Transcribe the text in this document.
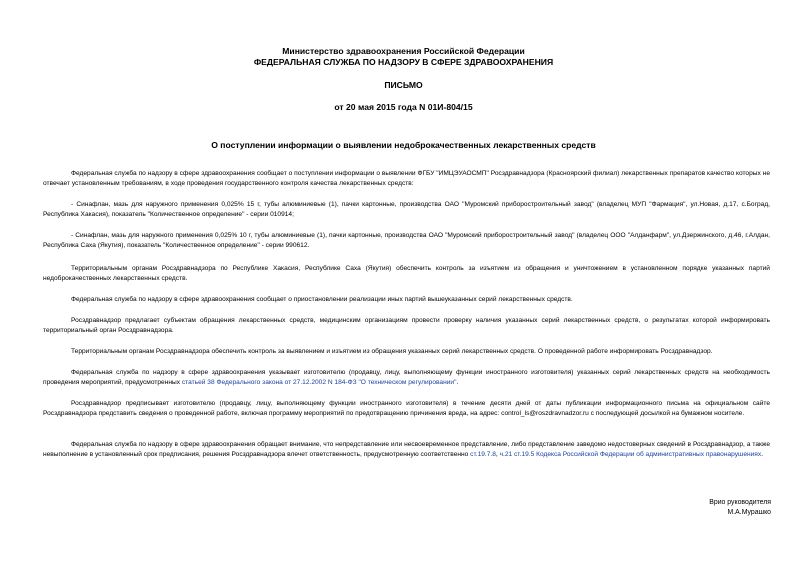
Министерство здравоохранения Российской Федерации
ФЕДЕРАЛЬНАЯ СЛУЖБА ПО НАДЗОРУ В СФЕРЕ ЗДРАВООХРАНЕНИЯ
ПИСЬМО
от 20 мая 2015 года N 01И-804/15
О поступлении информации о выявлении недоброкачественных лекарственных средств
Федеральная служба по надзору в сфере здравоохранения сообщает о поступлении информации о выявлении ФГБУ "ИМЦЭУАОСМП" Росздравнадзора (Красноярский филиал) лекарственных препаратов качество которых не отвечает установленным требованиям, в ходе проведения государственного контроля качества лекарственных средств:
- Синафлан, мазь для наружного применения 0,025% 15 г, тубы алюминиевые (1), пачки картонные, производства ОАО "Муромский приборостроительный завод" (владелец МУП "Фармация", ул.Новая, д.17, с.Боград, Республика Хакасия), показатель "Количественное определение" - серии 010914;
- Синафлан, мазь для наружного применения 0,025% 10 г, тубы алюминиевые (1), пачки картонные, производства ОАО "Муромский приборостроительный завод" (владелец ООО "Алданфарм", ул.Дзержинского, д.46, г.Алдан, Республика Саха (Якутия), показатель "Количественное определение" - серии 990612.
Территориальным органам Росздравнадзора по Республике Хакасия, Республике Саха (Якутия) обеспечить контроль за изъятием из обращения и уничтожением в установленном порядке указанных партий недоброкачественных лекарственных средств.
Федеральная служба по надзору в сфере здравоохранения сообщает о приостановлении реализации иных партий вышеуказанных серий лекарственных средств.
Росздравнадзор предлагает субъектам обращения лекарственных средств, медицинским организациям провести проверку наличия указанных серий лекарственных средств, о результатах которой информировать территориальный орган Росздравнадзора.
Территориальным органам Росздравнадзора обеспечить контроль за выявлением и изъятием из обращения указанных серий лекарственных средств. О проведенной работе информировать Росздравнадзор.
Федеральная служба по надзору в сфере здравоохранения указывает изготовителю (продавцу, лицу, выполняющему функции иностранного изготовителя) указанных серий лекарственных средств на необходимость проведения мероприятий, предусмотренных статьей 38 Федерального закона от 27.12.2002 N 184-ФЗ "О техническом регулировании".
Росздравнадзор предписывает изготовителю (продавцу, лицу, выполняющему функции иностранного изготовителя) в течение десяти дней от даты публикации информационного письма на официальном сайте Росздравнадзора представить сведения о проведенной работе, включая программу мероприятий по предотвращению причинения вреда, на адрес: control_ls@roszdravnadzor.ru с последующей досылкой на бумажном носителе.
Федеральная служба по надзору в сфере здравоохранения обращает внимание, что непредставление или несвоевременное представление, либо представление заведомо недостоверных сведений в Росздравнадзор, а также невыполнение в установленный срок предписания, решения Росздравнадзора влечет ответственность, предусмотренную соответственно ст.19.7.8, ч.21 ст.19.5 Кодекса Российской Федерации об административных правонарушениях.
Врио руководителя
М.А.Мурашко
